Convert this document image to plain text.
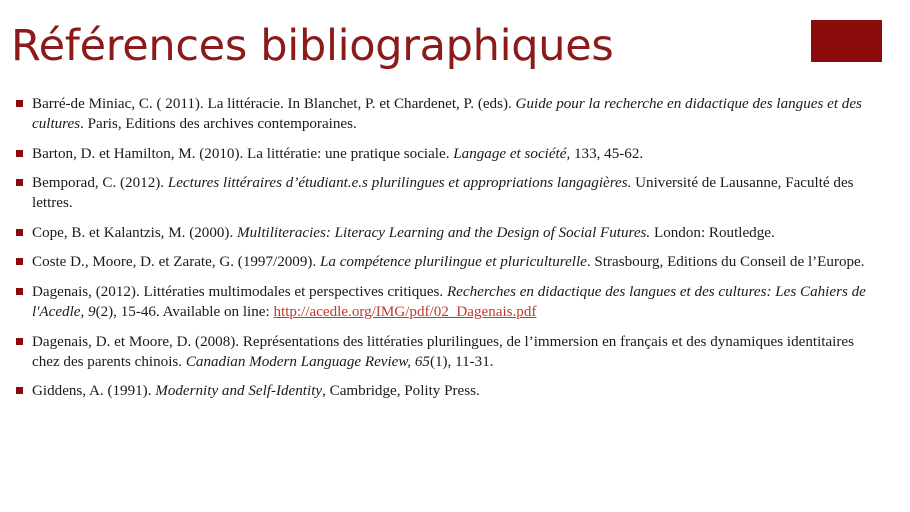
Références bibliographiques
Barré-de Miniac, C. ( 2011). La littéracie. In Blanchet, P. et Chardenet, P. (eds). Guide pour la recherche en didactique des langues et des cultures. Paris, Editions des archives contemporaines.
Barton, D. et Hamilton, M. (2010). La littératie: une pratique sociale. Langage et société, 133, 45-62.
Bemporad, C. (2012). Lectures littéraires d’étudiant.e.s plurilingues et appropriations langagières. Université de Lausanne, Faculté des lettres.
Cope, B. et Kalantzis, M. (2000). Multiliteracies: Literacy Learning and the Design of Social Futures. London: Routledge.
Coste D., Moore, D. et Zarate, G. (1997/2009). La compétence plurilingue et pluriculturelle. Strasbourg, Editions du Conseil de l’Europe.
Dagenais, (2012). Littératies multimodales et perspectives critiques. Recherches en didactique des langues et des cultures: Les Cahiers de l'Acedle, 9(2), 15-46. Available on line: http://acedle.org/IMG/pdf/02_Dagenais.pdf
Dagenais, D. et Moore, D. (2008). Représentations des littératies plurilingues, de l’immersion en français et des dynamiques identitaires chez des parents chinois. Canadian Modern Language Review, 65(1), 11-31.
Giddens, A. (1991). Modernity and Self-Identity, Cambridge, Polity Press.
